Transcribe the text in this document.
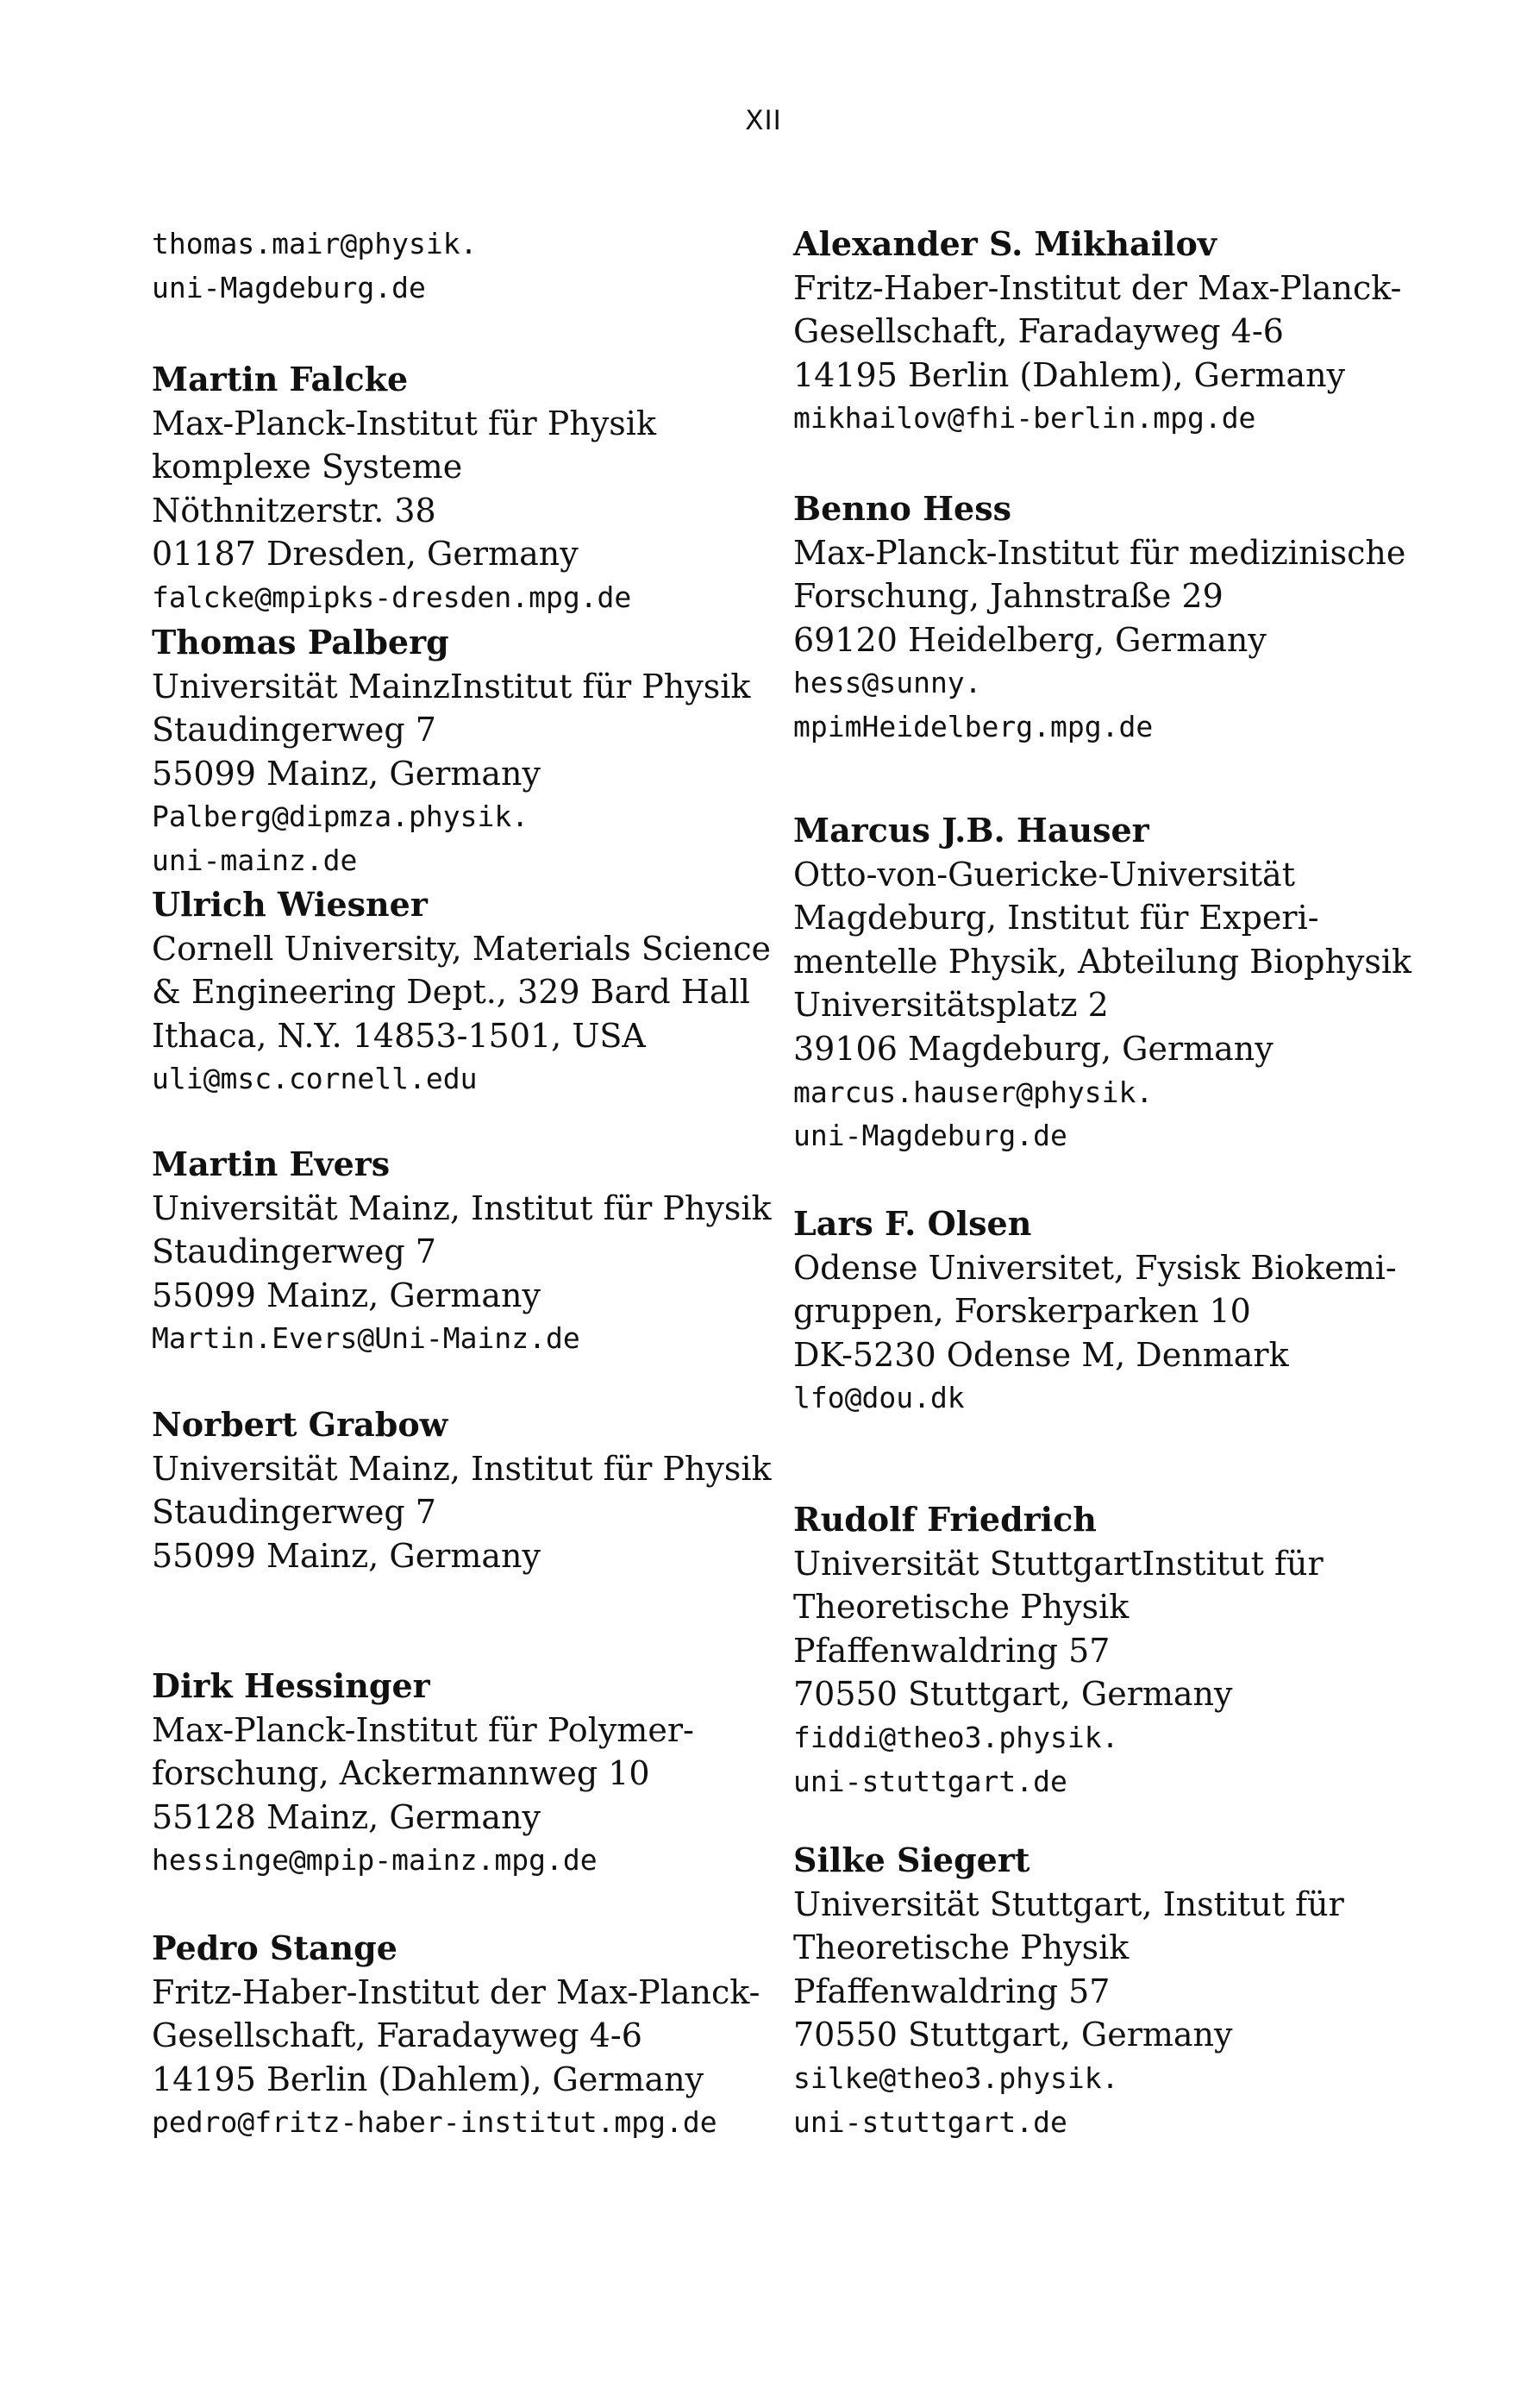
XII
thomas.mair@physik.
uni-Magdeburg.de
Martin Falcke
Max-Planck-Institut für Physik
komplexe Systeme
Nöthnitzerstr. 38
01187 Dresden, Germany
falcke@mpipks-dresden.mpg.de
Thomas Palberg
Universität MainzInstitut für Physik
Staudingerweg 7
55099 Mainz, Germany
Palberg@dipmza.physik.
uni-mainz.de
Ulrich Wiesner
Cornell University, Materials Science
& Engineering Dept., 329 Bard Hall
Ithaca, N.Y. 14853-1501, USA
uli@msc.cornell.edu
Martin Evers
Universität Mainz, Institut für Physik
Staudingerweg 7
55099 Mainz, Germany
Martin.Evers@Uni-Mainz.de
Norbert Grabow
Universität Mainz, Institut für Physik
Staudingerweg 7
55099 Mainz, Germany
Dirk Hessinger
Max-Planck-Institut für Polymer-
forschung, Ackermannweg 10
55128 Mainz, Germany
hessinge@mpip-mainz.mpg.de
Pedro Stange
Fritz-Haber-Institut der Max-Planck-
Gesellschaft, Faradayweg 4-6
14195 Berlin (Dahlem), Germany
pedro@fritz-haber-institut.mpg.de
Alexander S. Mikhailov
Fritz-Haber-Institut der Max-Planck-
Gesellschaft, Faradayweg 4-6
14195 Berlin (Dahlem), Germany
mikhailov@fhi-berlin.mpg.de
Benno Hess
Max-Planck-Institut für medizinische
Forschung, Jahnstraße 29
69120 Heidelberg, Germany
hess@sunny.
mpimHeidelberg.mpg.de
Marcus J.B. Hauser
Otto-von-Guericke-Universität
Magdeburg, Institut für Experi-
mentelle Physik, Abteilung Biophysik
Universitätsplatz 2
39106 Magdeburg, Germany
marcus.hauser@physik.
uni-Magdeburg.de
Lars F. Olsen
Odense Universitet, Fysisk Biokemi-
gruppen, Forskerparken 10
DK-5230 Odense M, Denmark
lfo@dou.dk
Rudolf Friedrich
Universität StuttgartInstitut für
Theoretische Physik
Pfaffenwaldring 57
70550 Stuttgart, Germany
fiddi@theo3.physik.
uni-stuttgart.de
Silke Siegert
Universität Stuttgart, Institut für
Theoretische Physik
Pfaffenwaldring 57
70550 Stuttgart, Germany
silke@theo3.physik.
uni-stuttgart.de
